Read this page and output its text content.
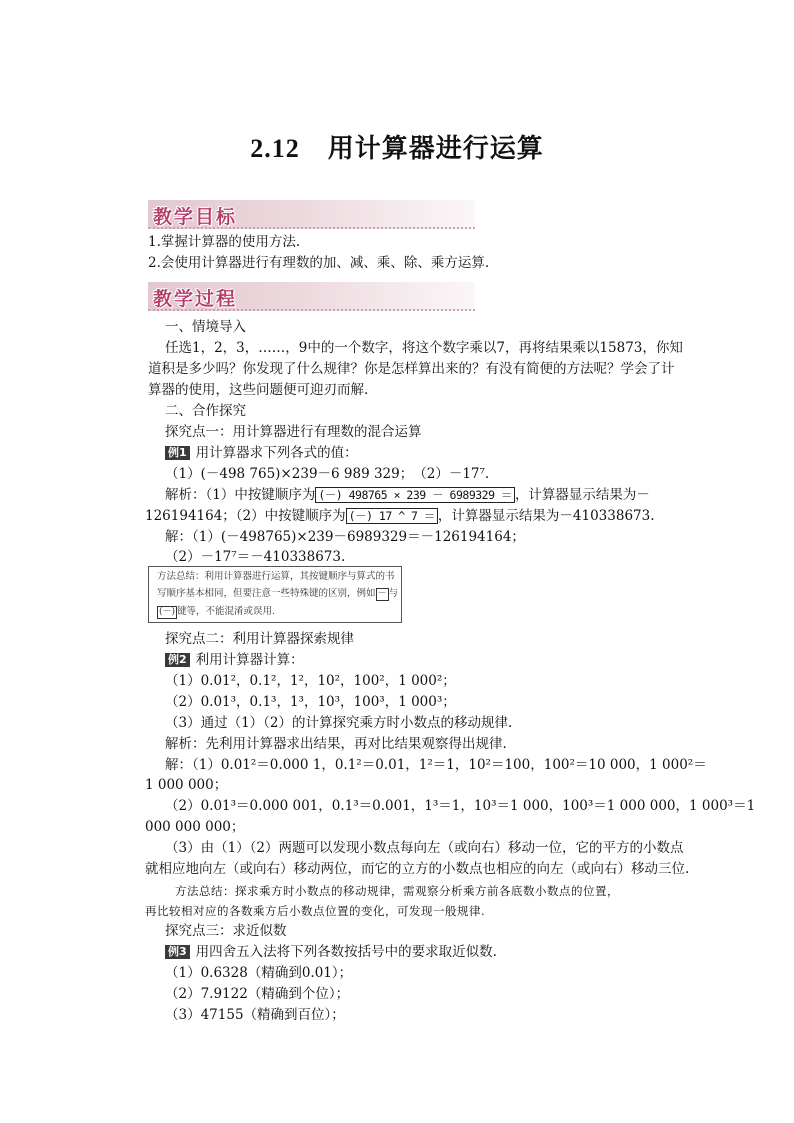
2.12 用计算器进行运算
教学目标
1.掌握计算器的使用方法.
2.会使用计算器进行有理数的加、减、乘、除、乘方运算.
教学过程
一、情境导入
任选1，2，3，……，9中的一个数字，将这个数字乘以7，再将结果乘以15873，你知
道积是多少吗？你发现了什么规律？你是怎样算出来的？有没有简便的方法呢？学会了计
算器的使用，这些问题便可迎刃而解.
二、合作探究
探究点一：用计算器进行有理数的混合运算
例1 用计算器求下列各式的值：
（1）(－498 765)×239－6 989 329；　（2）－17⁷.
解析：（1）中按键顺序为 (－) 498765 × 239 － 6989329 ＝ ，计算器显示结果为－
126194164；（2）中按键顺序为 (－) 17 ^ 7 ＝ ，计算器显示结果为－410338673.
解：（1）(－498765)×239－6989329＝－126194164；
（2）－17⁷＝－410338673.
方法总结：利用计算器进行运算，其按键顺序与算式的书
写顺序基本相同，但要注意一些特殊键的区别，例如 － 与
(－) 键等，不能混淆或误用.
探究点二：利用计算器探索规律
例2 利用计算器计算：
（1）0.01²，0.1²，1²，10²，100²，1 000²；
（2）0.01³，0.1³，1³，10³，100³，1 000³；
（3）通过（1）（2）的计算探究乘方时小数点的移动规律.
解析：先利用计算器求出结果，再对比结果观察得出规律.
解：（1）0.01²＝0.000 1，0.1²＝0.01，1²＝1，10²＝100，100²＝10 000，1 000²＝
1 000 000；
（2）0.01³＝0.000 001，0.1³＝0.001，1³＝1，10³＝1 000，100³＝1 000 000，1 000³＝1
000 000 000；
（3）由（1）（2）两题可以发现小数点每向左（或向右）移动一位，它的平方的小数点
就相应地向左（或向右）移动两位，而它的立方的小数点也相应的向左（或向右）移动三位.
方法总结：探求乘方时小数点的移动规律，需观察分析乘方前各底数小数点的位置，
再比较相对应的各数乘方后小数点位置的变化，可发现一般规律.
探究点三：求近似数
例3 用四舍五入法将下列各数按括号中的要求取近似数.
（1）0.6328（精确到0.01）；
（2）7.9122（精确到个位）；
（3）47155（精确到百位）；
